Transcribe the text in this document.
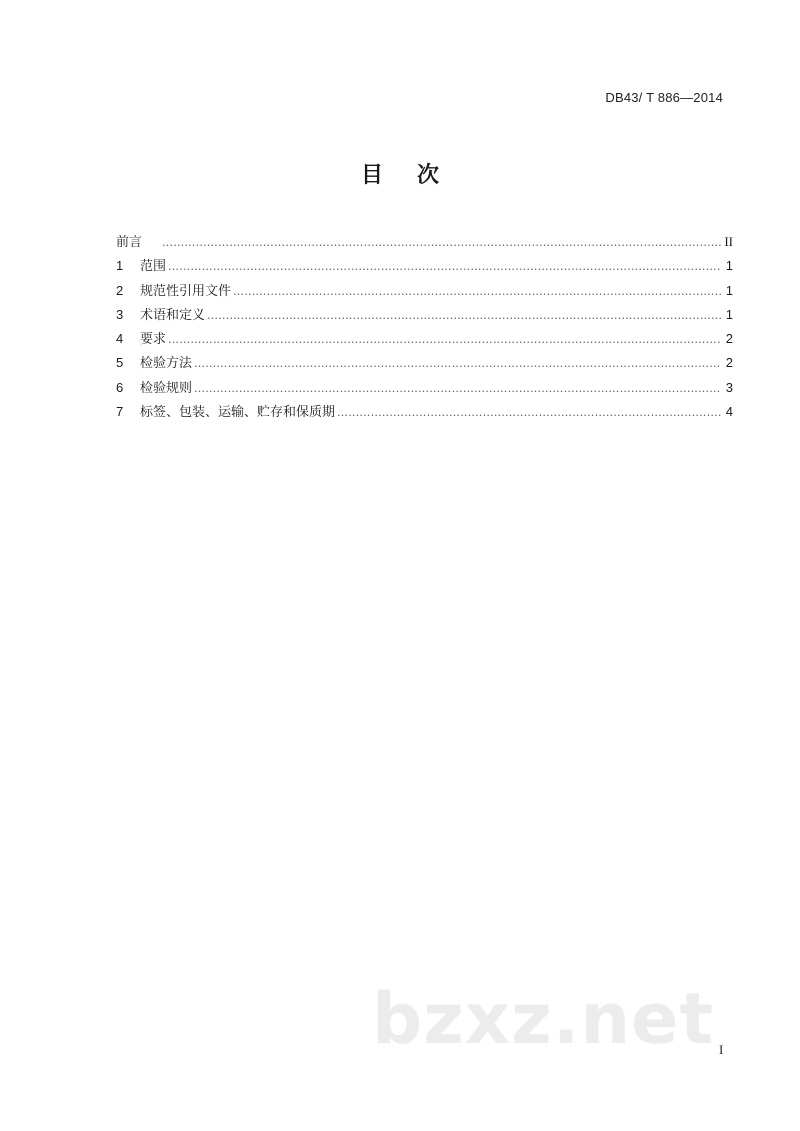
DB43/ T 886—2014
目次
前言 ……………………………………………………………………………………………………………………………………………………………………………………………………………………	II
1	范围 ……………………………………………………………………………………………………………………………………………………………………………………………………………………	1
2	规范性引用文件 ……………………………………………………………………………………………………………………………………………………………………………………………………………………	1
3	术语和定义 ……………………………………………………………………………………………………………………………………………………………………………………………………………………	1
4	要求 ……………………………………………………………………………………………………………………………………………………………………………………………………………………	2
5	检验方法 ……………………………………………………………………………………………………………………………………………………………………………………………………………………	2
6	检验规则 ……………………………………………………………………………………………………………………………………………………………………………………………………………………	3
7	标签、包装、运输、贮存和保质期 ……………………………………………………………………………………………………………………………………………………………………………………………………………………	4
bzxz.net I
